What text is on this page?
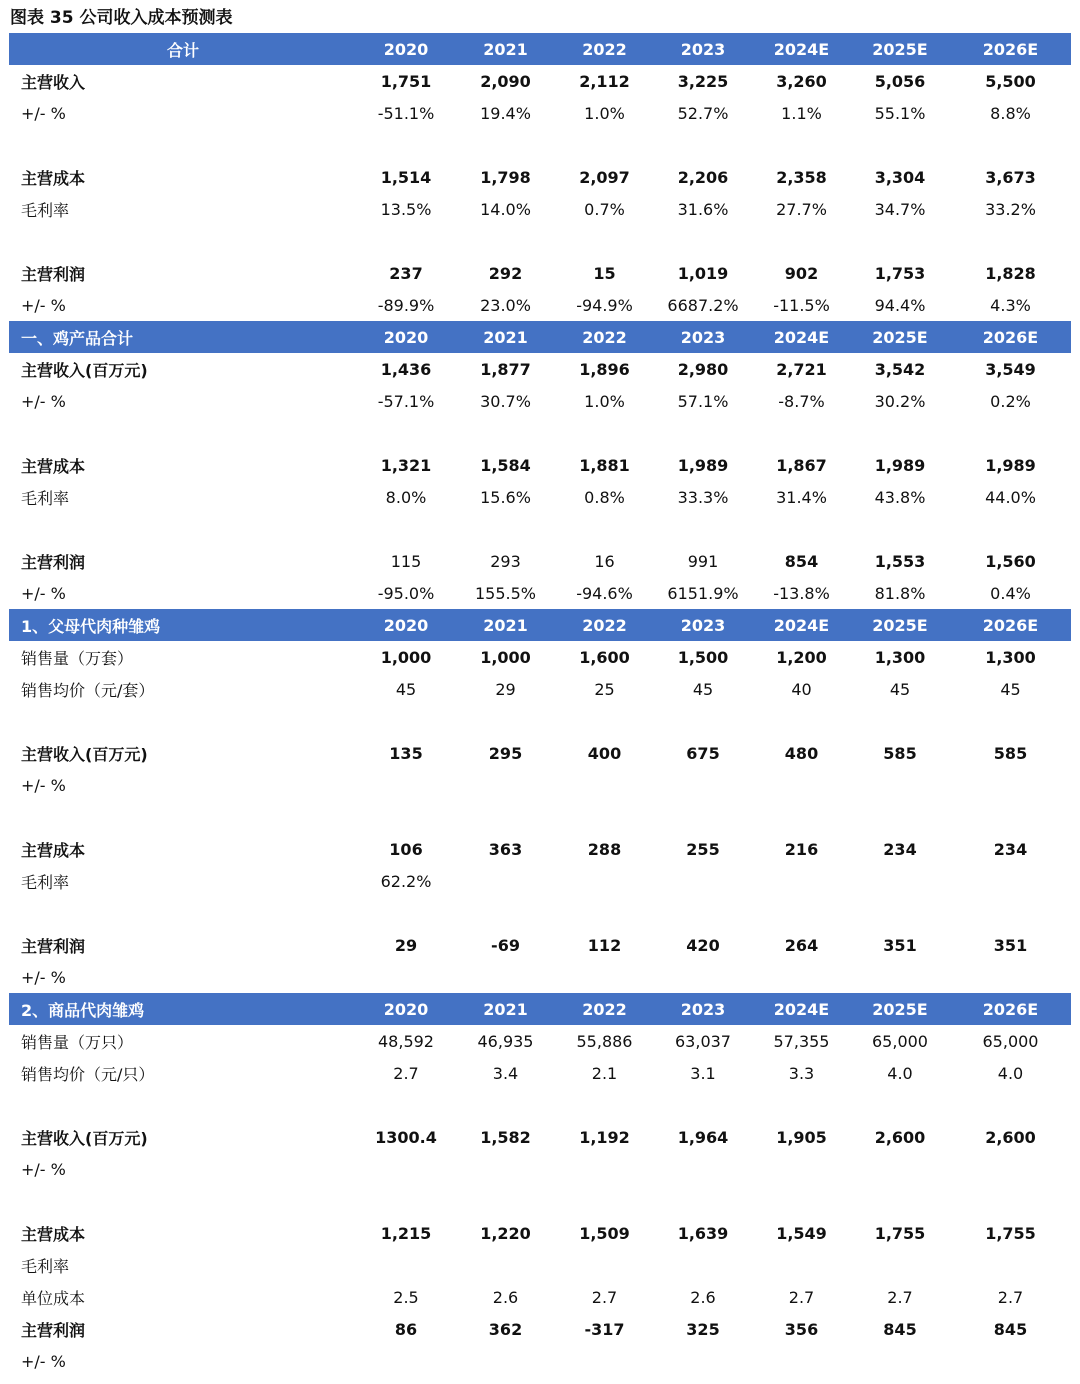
图表 35 公司收入成本预测表
合计	2020	2021	2022	2023	2024E	2025E	2026E
主营收入	1,751	2,090	2,112	3,225	3,260	5,056	5,500
+/- %	-51.1%	19.4%	1.0%	52.7%	1.1%	55.1%	8.8%

主营成本	1,514	1,798	2,097	2,206	2,358	3,304	3,673
毛利率	13.5%	14.0%	0.7%	31.6%	27.7%	34.7%	33.2%

主营利润	237	292	15	1,019	902	1,753	1,828
+/- %	-89.9%	23.0%	-94.9%	6687.2%	-11.5%	94.4%	4.3%
一、鸡产品合计	2020	2021	2022	2023	2024E	2025E	2026E
主营收入(百万元)	1,436	1,877	1,896	2,980	2,721	3,542	3,549
+/- %	-57.1%	30.7%	1.0%	57.1%	-8.7%	30.2%	0.2%

主营成本	1,321	1,584	1,881	1,989	1,867	1,989	1,989
毛利率	8.0%	15.6%	0.8%	33.3%	31.4%	43.8%	44.0%

主营利润	115	293	16	991	854	1,553	1,560
+/- %	-95.0%	155.5%	-94.6%	6151.9%	-13.8%	81.8%	0.4%
1、父母代肉种雏鸡	2020	2021	2022	2023	2024E	2025E	2026E
销售量（万套）	1,000	1,000	1,600	1,500	1,200	1,300	1,300
销售均价（元/套）	45	29	25	45	40	45	45

主营收入(百万元)	135	295	400	675	480	585	585
+/- %							

主营成本	106	363	288	255	216	234	234
毛利率	62.2%						

主营利润	29	-69	112	420	264	351	351
+/- %							
2、商品代肉雏鸡	2020	2021	2022	2023	2024E	2025E	2026E
销售量（万只）	48,592	46,935	55,886	63,037	57,355	65,000	65,000
销售均价（元/只）	2.7	3.4	2.1	3.1	3.3	4.0	4.0

主营收入(百万元)	1300.4	1,582	1,192	1,964	1,905	2,600	2,600
+/- %							

主营成本	1,215	1,220	1,509	1,639	1,549	1,755	1,755
毛利率							
单位成本	2.5	2.6	2.7	2.6	2.7	2.7	2.7
主营利润	86	362	-317	325	356	845	845
+/- %							
